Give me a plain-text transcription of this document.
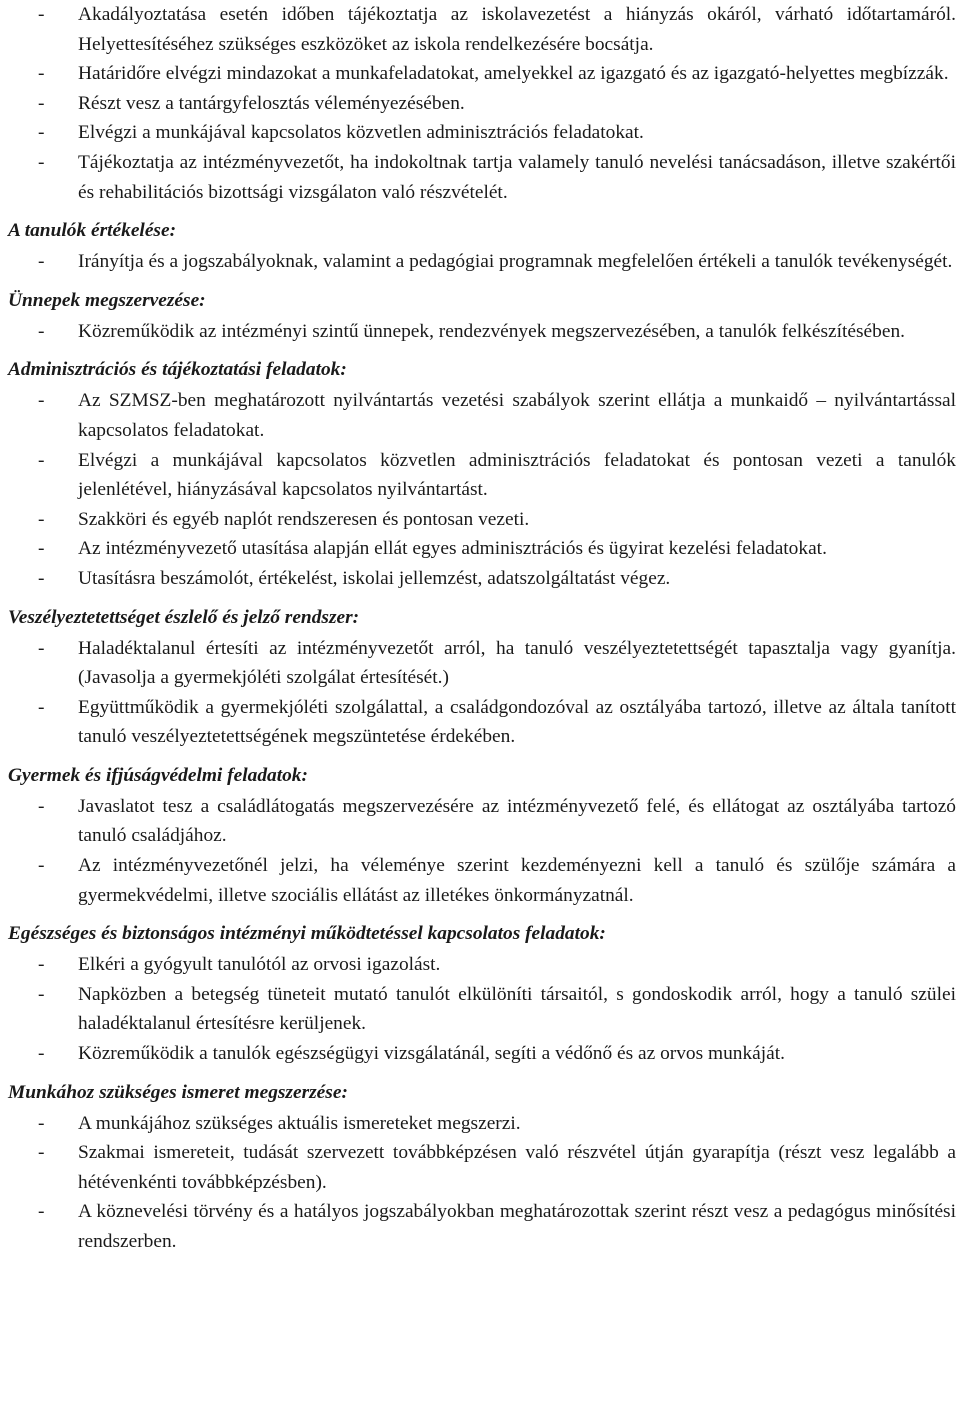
- Akadályoztatása esetén időben tájékoztatja az iskolavezetést a hiányzás okáról, várható időtartamáról. Helyettesítéséhez szükséges eszközöket az iskola rendelkezésére bocsátja.
- Határidőre elvégzi mindazokat a munkafeladatokat, amelyekkel az igazgató és az igazgató-helyettes megbízzák.
- Részt vesz a tantárgyfelosztás véleményezésében.
- Elvégzi a munkájával kapcsolatos közvetlen adminisztrációs feladatokat.
- Tájékoztatja az intézményvezetőt, ha indokoltnak tartja valamely tanuló nevelési tanácsadáson, illetve szakértői és rehabilitációs bizottsági vizsgálaton való részvételét.
A tanulók értékelése:
- Irányítja és a jogszabályoknak, valamint a pedagógiai programnak megfelelően értékeli a tanulók tevékenységét.
Ünnepek megszervezése:
- Közreműködik az intézményi szintű ünnepek, rendezvények megszervezésében, a tanulók felkészítésében.
Adminisztrációs és tájékoztatási feladatok:
- Az SZMSZ-ben meghatározott nyilvántartás vezetési szabályok szerint ellátja a munkaidő – nyilvántartással kapcsolatos feladatokat.
- Elvégzi a munkájával kapcsolatos közvetlen adminisztrációs feladatokat és pontosan vezeti a tanulók jelenlétével, hiányzásával kapcsolatos nyilvántartást.
- Szakköri és egyéb naplót rendszeresen és pontosan vezeti.
- Az intézményvezető utasítása alapján ellát egyes adminisztrációs és ügyirat kezelési feladatokat.
- Utasításra beszámolót, értékelést, iskolai jellemzést, adatszolgáltatást végez.
Veszélyeztetettséget észlelő és jelző rendszer:
- Haladéktalanul értesíti az intézményvezetőt arról, ha tanuló veszélyeztetettségét tapasztalja vagy gyanítja. (Javasolja a gyermekjóléti szolgálat értesítését.)
- Együttműködik a gyermekjóléti szolgálattal, a családgondozóval az osztályába tartozó, illetve az általa tanított tanuló veszélyeztetettségének megszüntetése érdekében.
Gyermek és ifjúságvédelmi feladatok:
- Javaslatot tesz a családlátogatás megszervezésére az intézményvezető felé, és ellátogat az osztályába tartozó tanuló családjához.
- Az intézményvezetőnél jelzi, ha véleménye szerint kezdeményezni kell a tanuló és szülője számára a gyermekvédelmi, illetve szociális ellátást az illetékes önkormányzatnál.
Egészséges és biztonságos intézményi működtetéssel kapcsolatos feladatok:
- Elkéri a gyógyult tanulótól az orvosi igazolást.
- Napközben a betegség tüneteit mutató tanulót elkülöníti társaitól, s gondoskodik arról, hogy a tanuló szülei haladéktalanul értesítésre kerüljenek.
- Közreműködik a tanulók egészségügyi vizsgálatánál, segíti a védőnő és az orvos munkáját.
Munkához szükséges ismeret megszerzése:
- A munkájához szükséges aktuális ismereteket megszerzi.
- Szakmai ismereteit, tudását szervezett továbbképzésen való részvétel útján gyarapítja (részt vesz legalább a hétévenkénti továbbképzésben).
- A köznevelési törvény és a hatályos jogszabályokban meghatározottak szerint részt vesz a pedagógus minősítési rendszerben.
